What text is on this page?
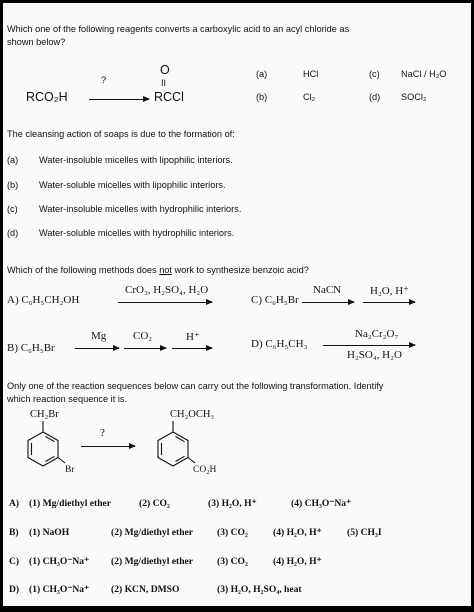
Which one of the following reagents converts a carboxylic acid to an acyl chloride as
shown below?
RCO₂H
?
O
II
RCCl
(a)	HCl	(c) NaCl / H₂O
(b)	Cl₂	(d) SOCl₂
The cleansing action of soaps is due to the formation of:
(a) Water-insoluble micelles with lipophilic interiors.
(b) Water-soluble micelles with lipophilic interiors.
(c) Water-insoluble micelles with hydrophilic interiors.
(d) Water-soluble micelles with hydrophilic interiors.
Which of the following methods does not work to synthesize benzoic acid?
A) C₆H₅CH₂OH
CrO₃, H₂SO₄, H₂O
C) C₆H₅Br
NaCN	H₂O, H⁺
B) C₆H₅Br
Mg CO₂	H⁺
D) C₆H₅CH₃
Na₂Cr₂O₇
H₂SO₄, H₂O
Only one of the reaction sequences below can carry out the following transformation. Identify
which reaction sequence it is.
CH₂Br
Br
?
CH₂OCH₃
CO₂H
A) (1) Mg/diethyl ether	(2) CO₂	(3) H₂O, H⁺	(4) CH₃O⁻Na⁺
B) (1) NaOH	(2) Mg/diethyl ether (3) CO₂	(4) H₂O, H⁺	(5) CH₃I
C) (1) CH₃O⁻Na⁺ (2) Mg/diethyl ether (3) CO₂	(4) H₂O, H⁺
D) (1) CH₃O⁻Na⁺ (2) KCN, DMSO	(3) H₂O, H₂SO₄, heat
